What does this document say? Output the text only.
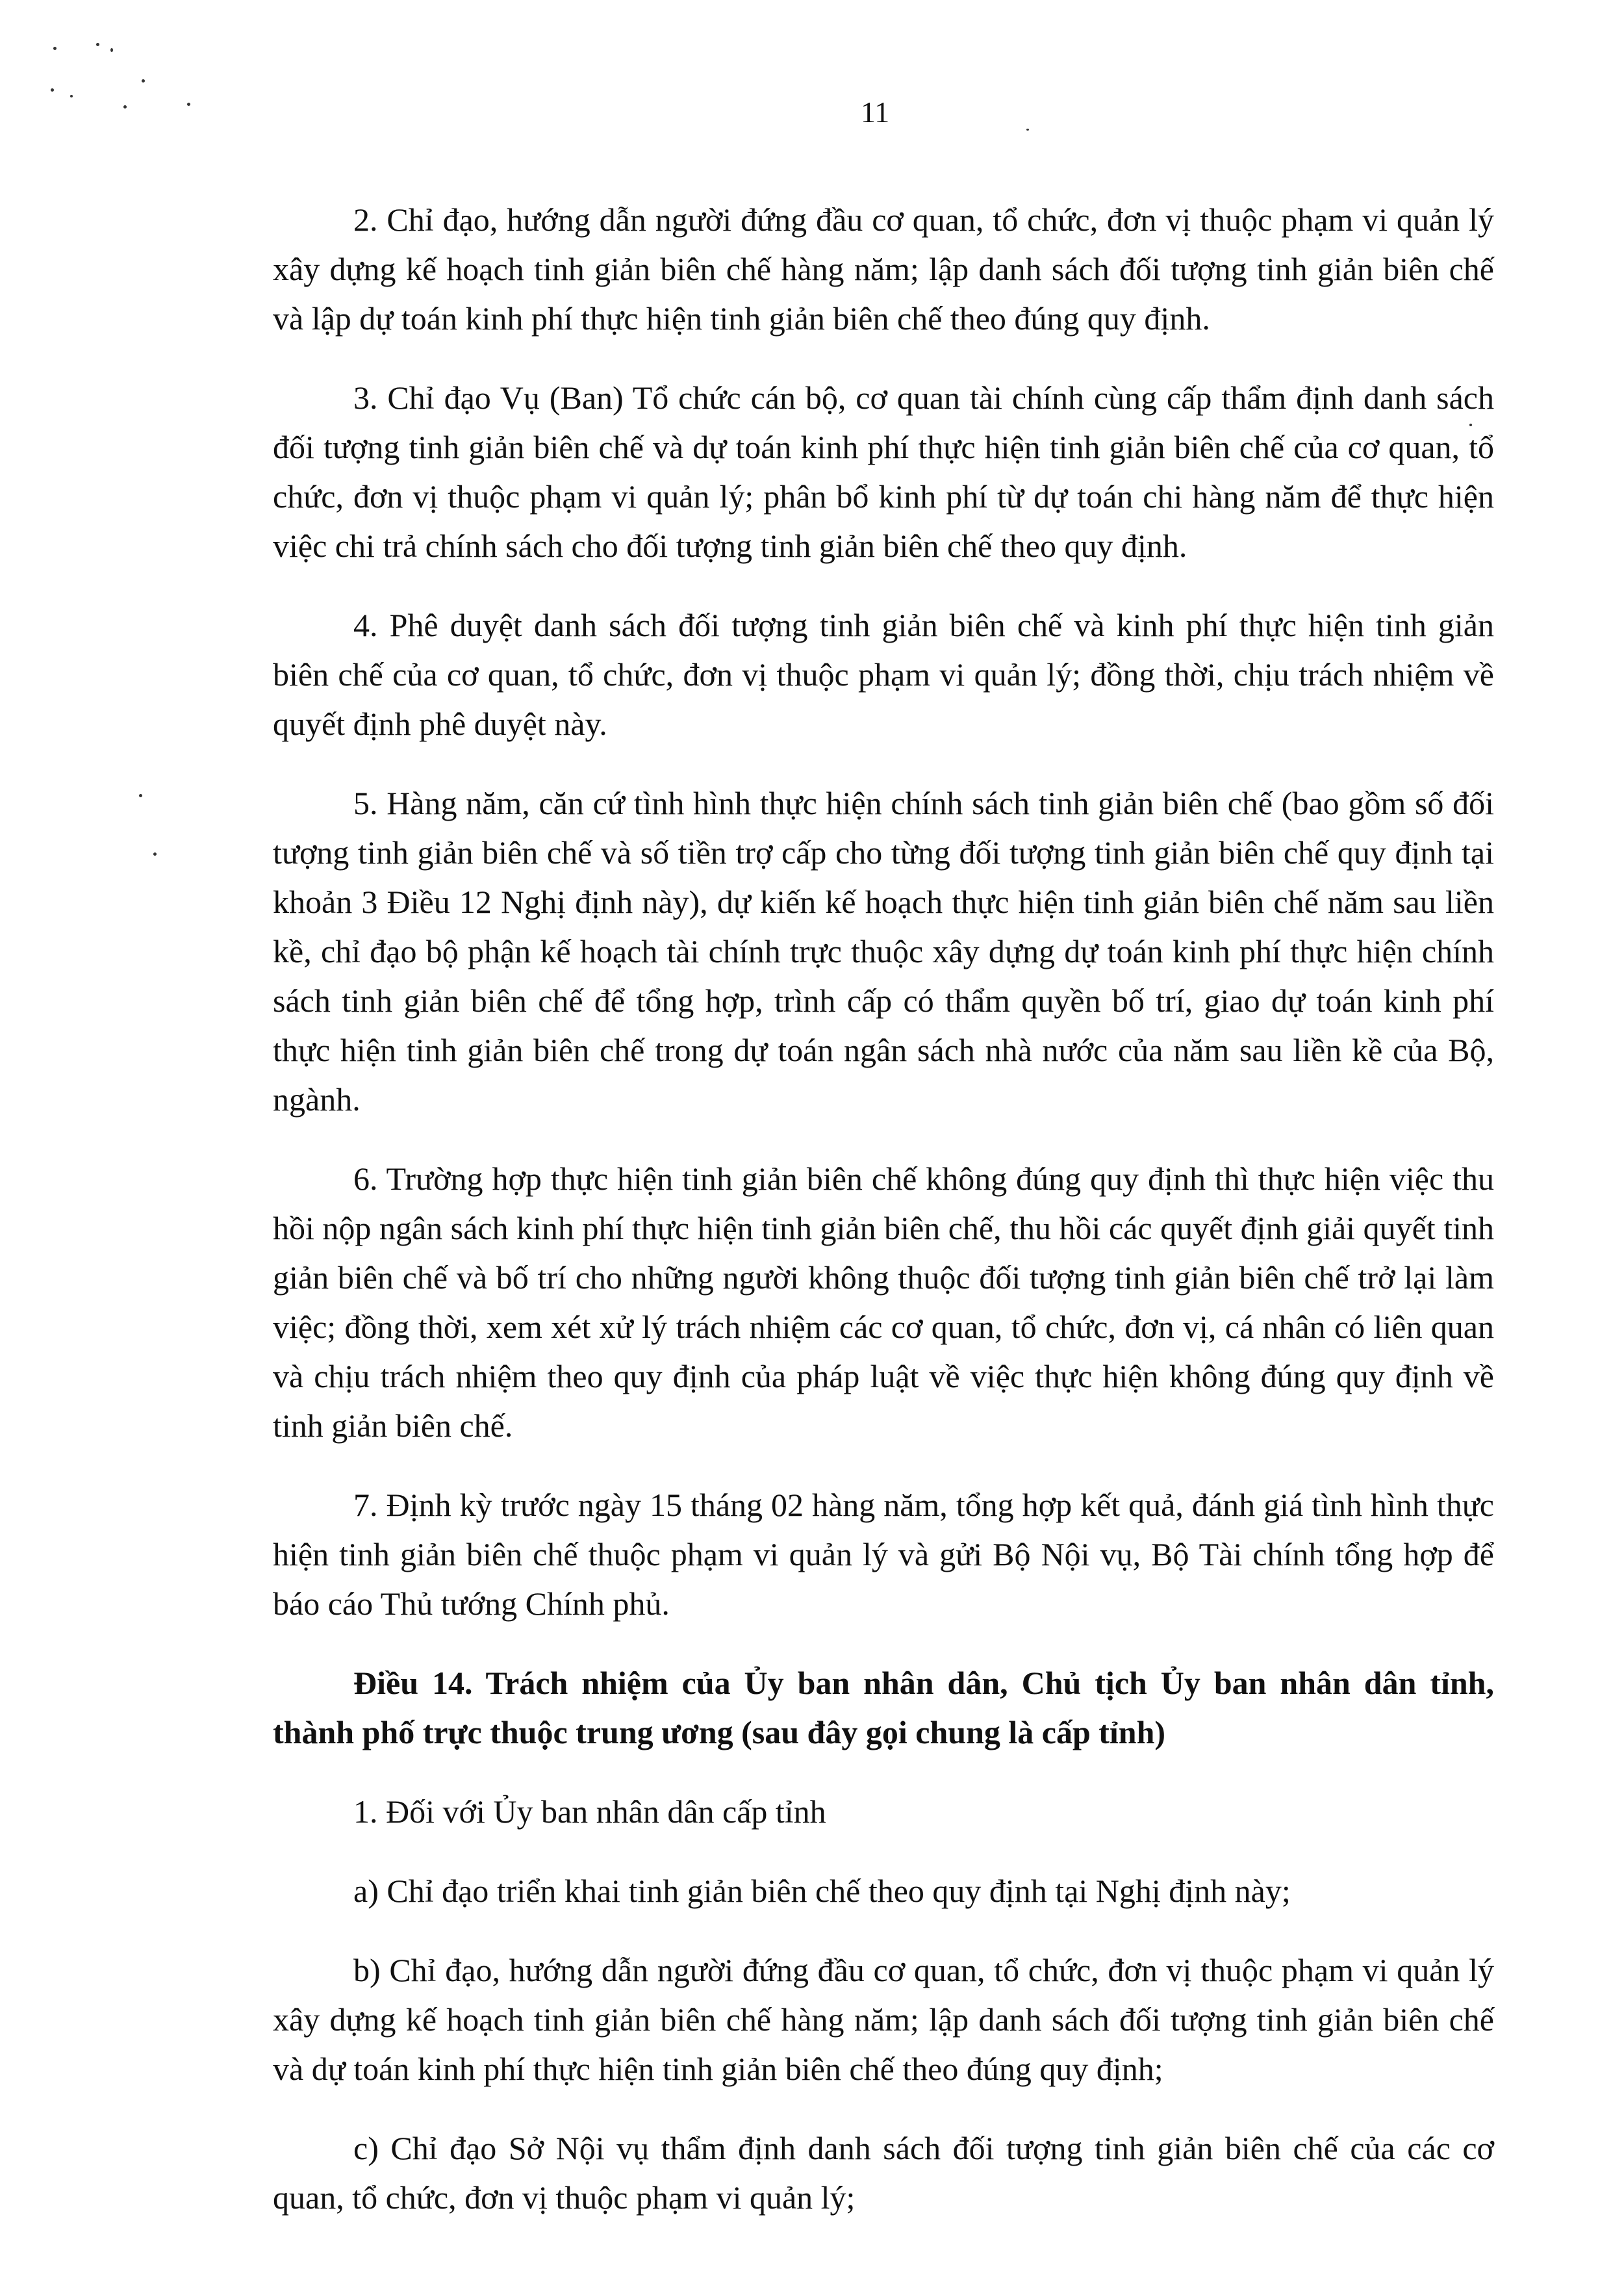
11

2. Chỉ đạo, hướng dẫn người đứng đầu cơ quan, tổ chức, đơn vị thuộc phạm vi quản lý xây dựng kế hoạch tinh giản biên chế hàng năm; lập danh sách đối tượng tinh giản biên chế và lập dự toán kinh phí thực hiện tinh giản biên chế theo đúng quy định.

3. Chỉ đạo Vụ (Ban) Tổ chức cán bộ, cơ quan tài chính cùng cấp thẩm định danh sách đối tượng tinh giản biên chế và dự toán kinh phí thực hiện tinh giản biên chế của cơ quan, tổ chức, đơn vị thuộc phạm vi quản lý; phân bổ kinh phí từ dự toán chi hàng năm để thực hiện việc chi trả chính sách cho đối tượng tinh giản biên chế theo quy định.

4. Phê duyệt danh sách đối tượng tinh giản biên chế và kinh phí thực hiện tinh giản biên chế của cơ quan, tổ chức, đơn vị thuộc phạm vi quản lý; đồng thời, chịu trách nhiệm về quyết định phê duyệt này.

5. Hàng năm, căn cứ tình hình thực hiện chính sách tinh giản biên chế (bao gồm số đối tượng tinh giản biên chế và số tiền trợ cấp cho từng đối tượng tinh giản biên chế quy định tại khoản 3 Điều 12 Nghị định này), dự kiến kế hoạch thực hiện tinh giản biên chế năm sau liền kề, chỉ đạo bộ phận kế hoạch tài chính trực thuộc xây dựng dự toán kinh phí thực hiện chính sách tinh giản biên chế để tổng hợp, trình cấp có thẩm quyền bố trí, giao dự toán kinh phí thực hiện tinh giản biên chế trong dự toán ngân sách nhà nước của năm sau liền kề của Bộ, ngành.

6. Trường hợp thực hiện tinh giản biên chế không đúng quy định thì thực hiện việc thu hồi nộp ngân sách kinh phí thực hiện tinh giản biên chế, thu hồi các quyết định giải quyết tinh giản biên chế và bố trí cho những người không thuộc đối tượng tinh giản biên chế trở lại làm việc; đồng thời, xem xét xử lý trách nhiệm các cơ quan, tổ chức, đơn vị, cá nhân có liên quan và chịu trách nhiệm theo quy định của pháp luật về việc thực hiện không đúng quy định về tinh giản biên chế.

7. Định kỳ trước ngày 15 tháng 02 hàng năm, tổng hợp kết quả, đánh giá tình hình thực hiện tinh giản biên chế thuộc phạm vi quản lý và gửi Bộ Nội vụ, Bộ Tài chính tổng hợp để báo cáo Thủ tướng Chính phủ.

Điều 14. Trách nhiệm của Ủy ban nhân dân, Chủ tịch Ủy ban nhân dân tỉnh, thành phố trực thuộc trung ương (sau đây gọi chung là cấp tỉnh)

1. Đối với Ủy ban nhân dân cấp tỉnh

a) Chỉ đạo triển khai tinh giản biên chế theo quy định tại Nghị định này;

b) Chỉ đạo, hướng dẫn người đứng đầu cơ quan, tổ chức, đơn vị thuộc phạm vi quản lý xây dựng kế hoạch tinh giản biên chế hàng năm; lập danh sách đối tượng tinh giản biên chế và dự toán kinh phí thực hiện tinh giản biên chế theo đúng quy định;

c) Chỉ đạo Sở Nội vụ thẩm định danh sách đối tượng tinh giản biên chế của các cơ quan, tổ chức, đơn vị thuộc phạm vi quản lý;
